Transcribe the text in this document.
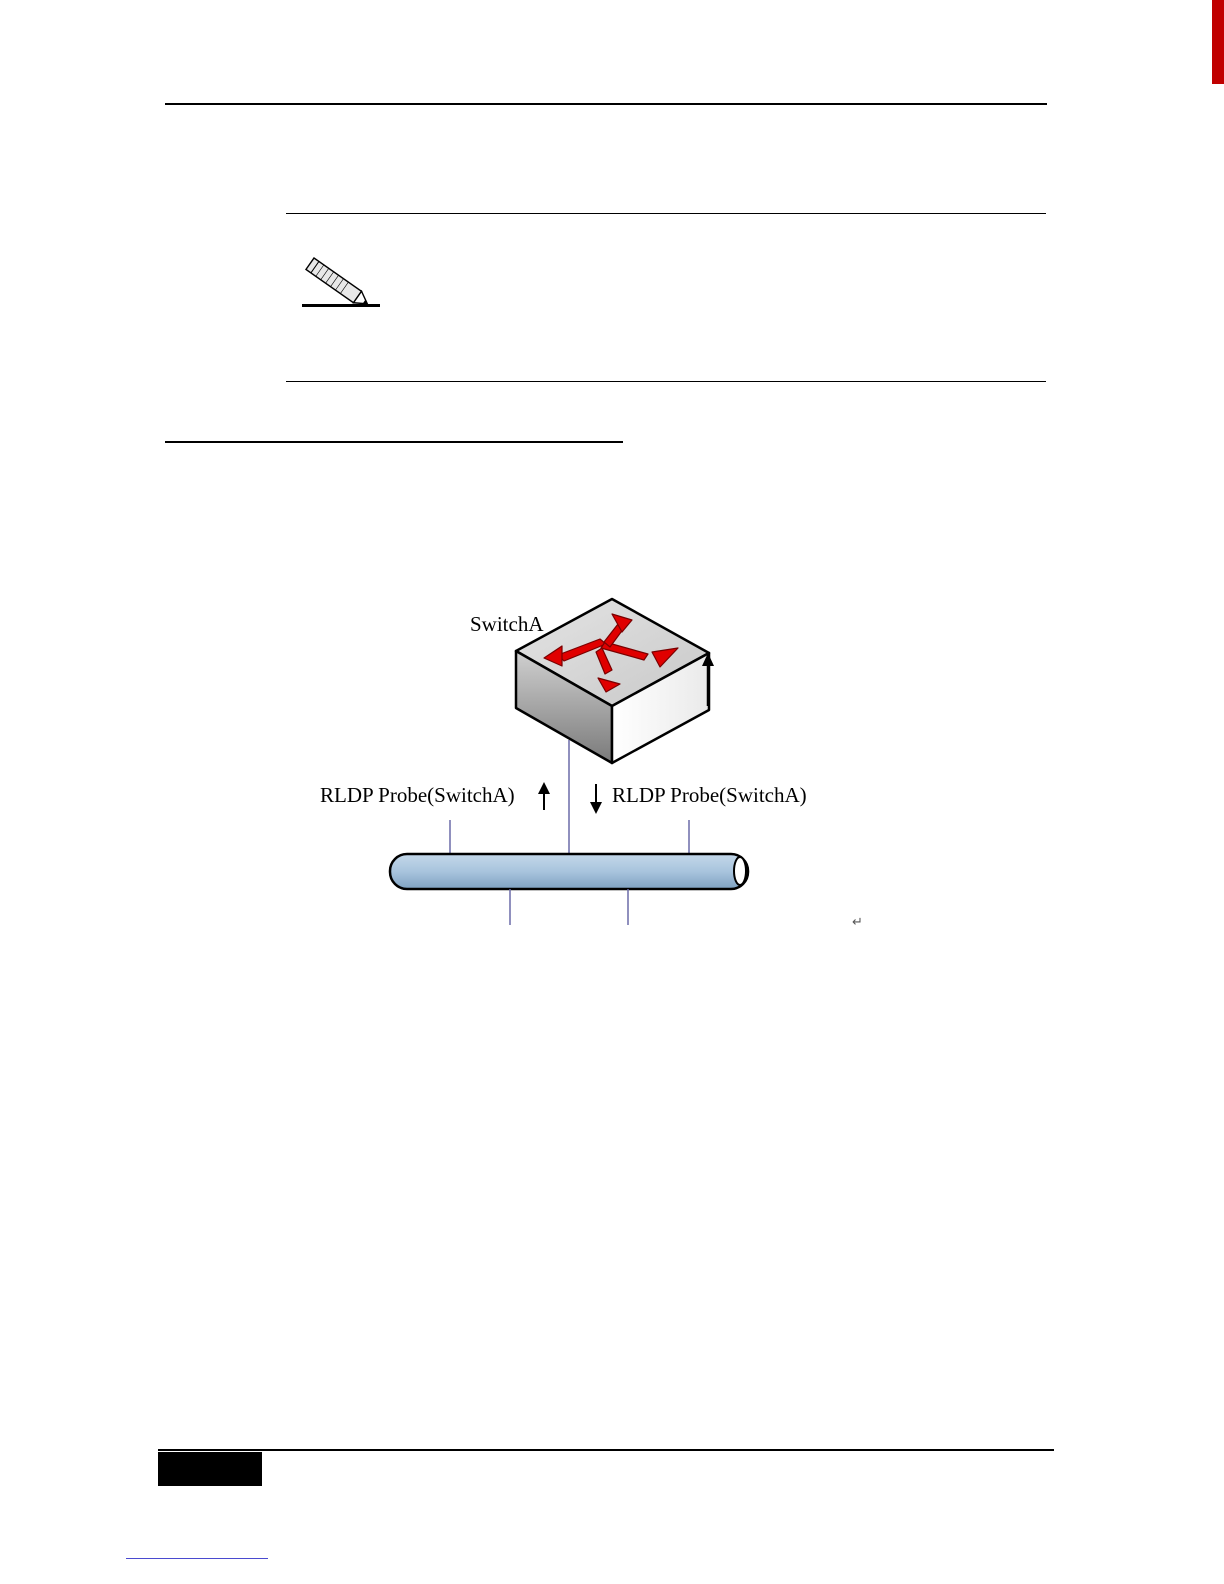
SwitchA
RLDP Probe(SwitchA)	RLDP Probe(SwitchA)
↵
